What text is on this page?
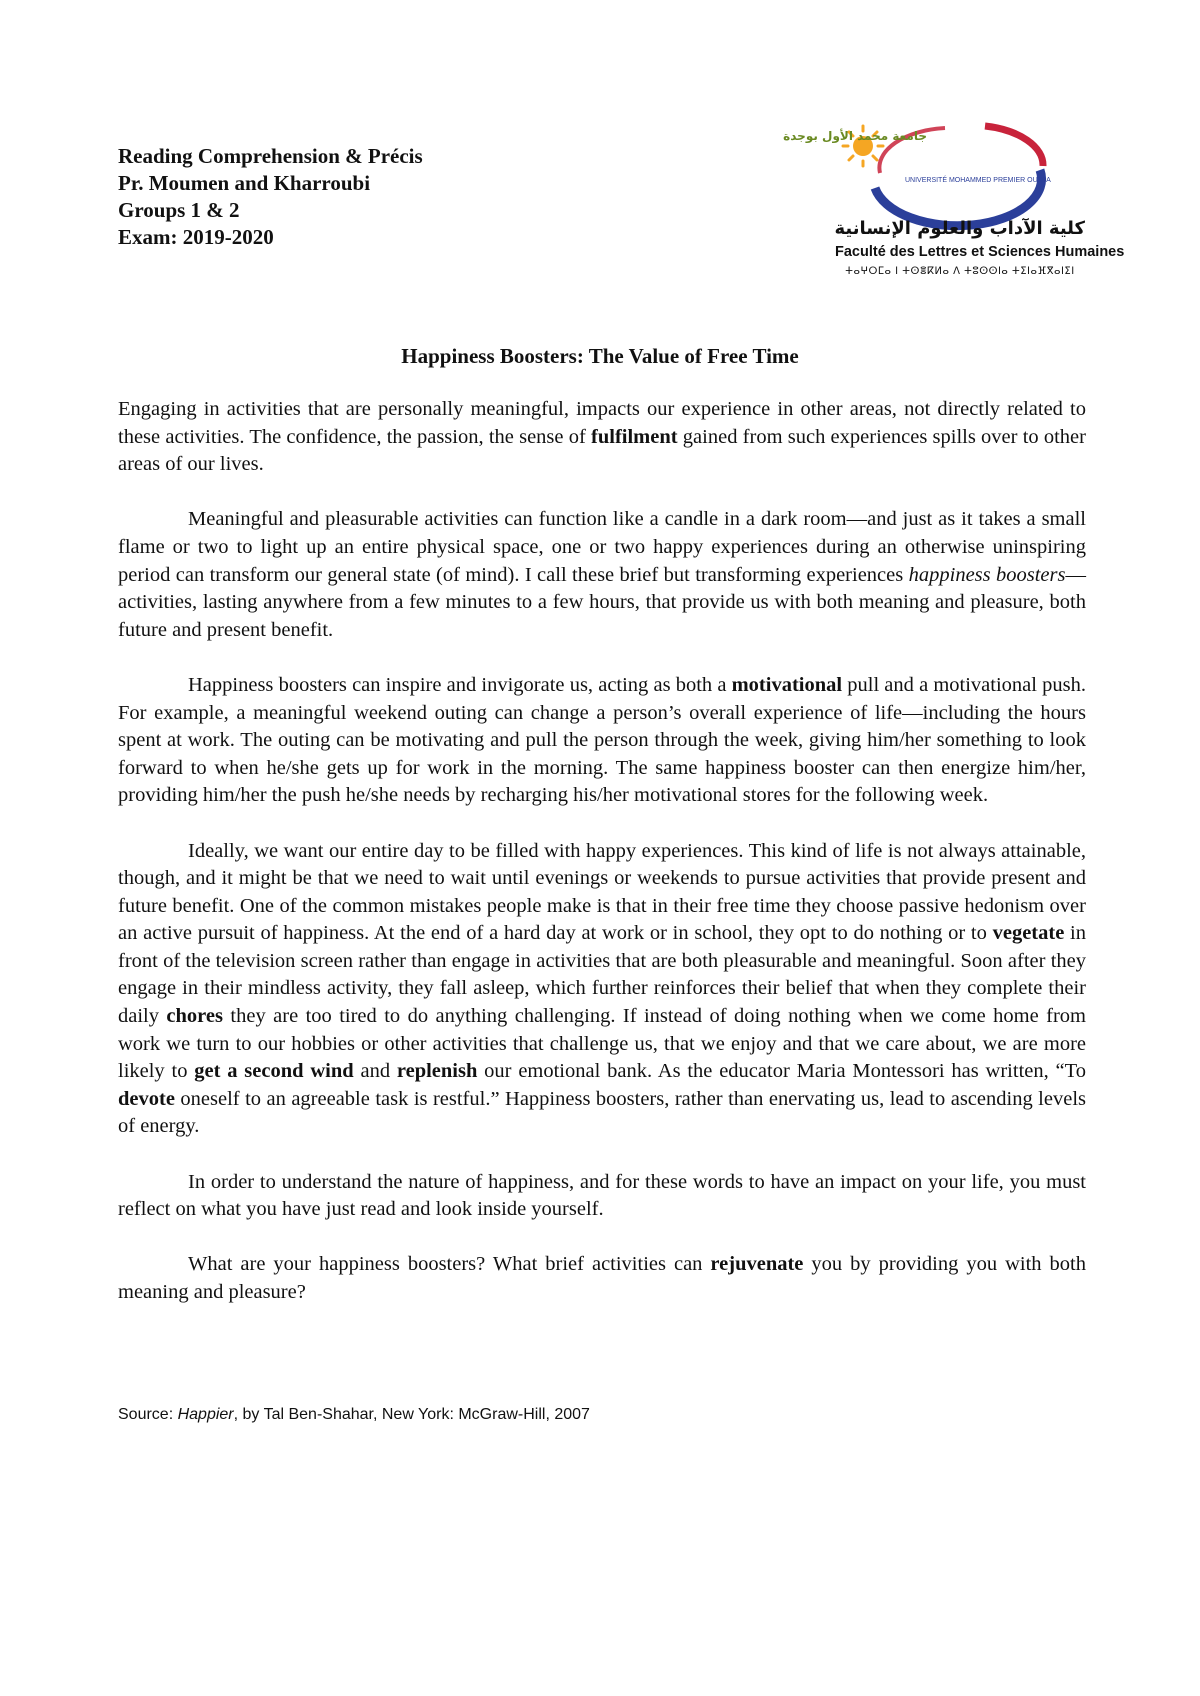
Reading Comprehension & Précis
Pr. Moumen and Kharroubi
Groups 1 & 2
Exam: 2019-2020
جامعة محمد الأول بوجدة
UNIVERSITÉ MOHAMMED PREMIER OUJDA
كلية الآداب والعلوم الإنسانية
Faculté des Lettres et Sciences Humaines
ⵜⴰⵖⵔⵎⴰ ⵏ ⵜⵙⴻⴽⵍⴰ ⴷ ⵜⵓⵙⵙⵏⴰ ⵜⵉⵏⴰⴼⴳⴰⵏⵉⵏ
Happiness Boosters: The Value of Free Time

Engaging in activities that are personally meaningful, impacts our experience in other areas, not directly related to these activities. The confidence, the passion, the sense of fulfilment gained from such experiences spills over to other areas of our lives.

Meaningful and pleasurable activities can function like a candle in a dark room—and just as it takes a small flame or two to light up an entire physical space, one or two happy experiences during an otherwise uninspiring period can transform our general state (of mind). I call these brief but transforming experiences happiness boosters—activities, lasting anywhere from a few minutes to a few hours, that provide us with both meaning and pleasure, both future and present benefit.

Happiness boosters can inspire and invigorate us, acting as both a motivational pull and a motivational push. For example, a meaningful weekend outing can change a person’s overall experience of life—including the hours spent at work. The outing can be motivating and pull the person through the week, giving him/her something to look forward to when he/she gets up for work in the morning. The same happiness booster can then energize him/her, providing him/her the push he/she needs by recharging his/her motivational stores for the following week.

Ideally, we want our entire day to be filled with happy experiences. This kind of life is not always attainable, though, and it might be that we need to wait until evenings or weekends to pursue activities that provide present and future benefit. One of the common mistakes people make is that in their free time they choose passive hedonism over an active pursuit of happiness. At the end of a hard day at work or in school, they opt to do nothing or to vegetate in front of the television screen rather than engage in activities that are both pleasurable and meaningful. Soon after they engage in their mindless activity, they fall asleep, which further reinforces their belief that when they complete their daily chores they are too tired to do anything challenging. If instead of doing nothing when we come home from work we turn to our hobbies or other activities that challenge us, that we enjoy and that we care about, we are more likely to get a second wind and replenish our emotional bank. As the educator Maria Montessori has written, “To devote oneself to an agreeable task is restful.” Happiness boosters, rather than enervating us, lead to ascending levels of energy.

In order to understand the nature of happiness, and for these words to have an impact on your life, you must reflect on what you have just read and look inside yourself.

What are your happiness boosters? What brief activities can rejuvenate you by providing you with both meaning and pleasure?

Source: Happier, by Tal Ben-Shahar, New York: McGraw-Hill, 2007
